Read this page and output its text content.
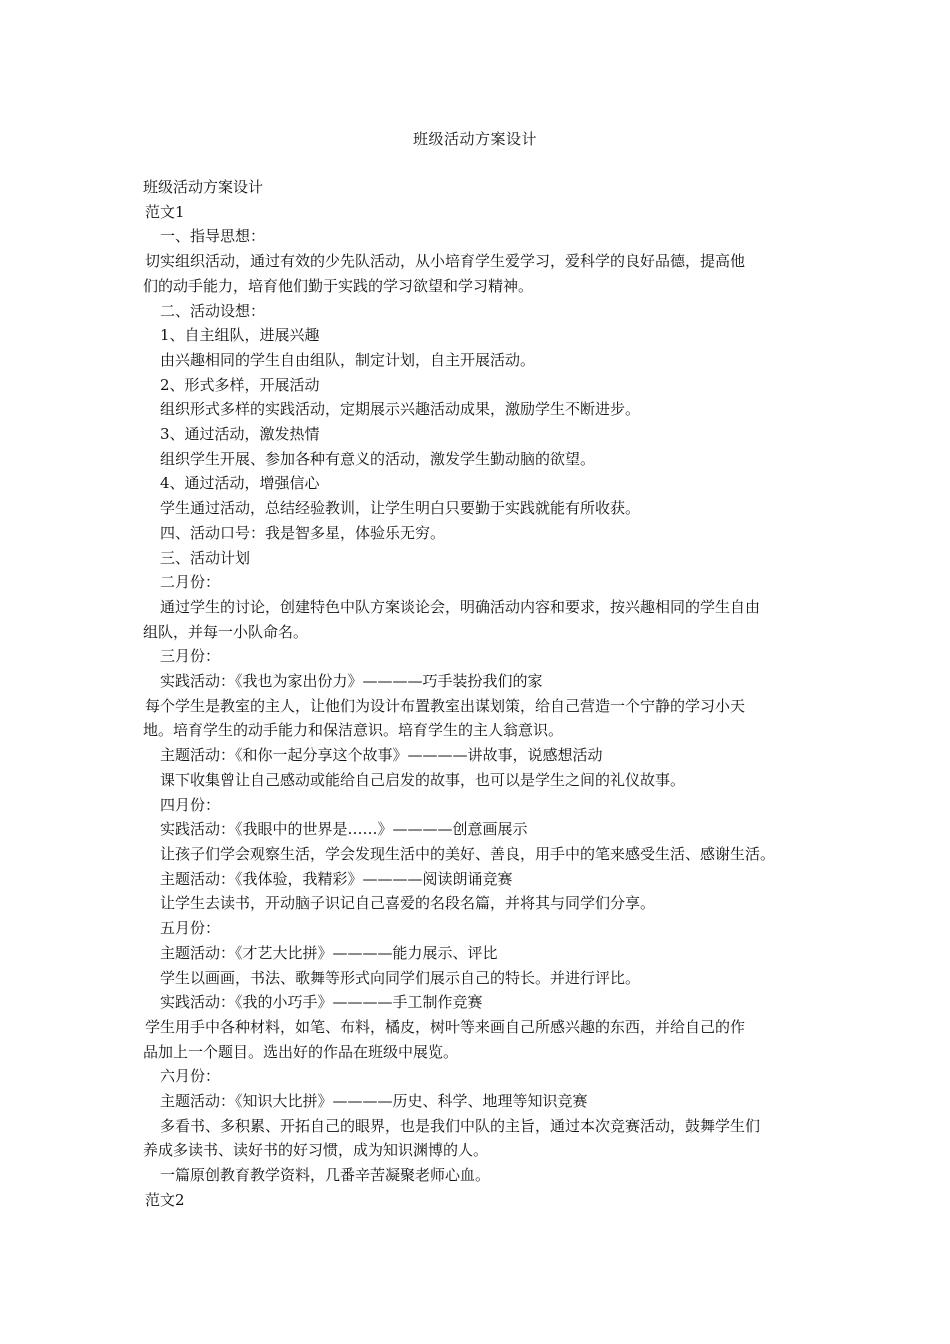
班级活动方案设计

班级活动方案设计

范文1

一、指导思想：

切实组织活动，通过有效的少先队活动，从小培育学生爱学习，爱科学的良好品德，提高他

们的动手能力，培育他们勤于实践的学习欲望和学习精神。

二、活动设想：

1、自主组队，进展兴趣

由兴趣相同的学生自由组队，制定计划，自主开展活动。

2、形式多样，开展活动

组织形式多样的实践活动，定期展示兴趣活动成果，激励学生不断进步。

3、通过活动，激发热情

组织学生开展、参加各种有意义的活动，激发学生勤动脑的欲望。

4、通过活动，增强信心

学生通过活动，总结经验教训，让学生明白只要勤于实践就能有所收获。

四、活动口号：我是智多星，体验乐无穷。

三、活动计划

二月份：

通过学生的讨论，创建特色中队方案谈论会，明确活动内容和要求，按兴趣相同的学生自由

组队，并每一小队命名。

三月份：

实践活动：《我也为家出份力》————巧手装扮我们的家

每个学生是教室的主人，让他们为设计布置教室出谋划策，给自己营造一个宁静的学习小天

地。培育学生的动手能力和保洁意识。培育学生的主人翁意识。

主题活动：《和你一起分享这个故事》————讲故事，说感想活动

课下收集曾让自己感动或能给自己启发的故事，也可以是学生之间的礼仪故事。

四月份：

实践活动：《我眼中的世界是……》————创意画展示

让孩子们学会观察生活，学会发现生活中的美好、善良，用手中的笔来感受生活、感谢生活。

主题活动：《我体验，我精彩》————阅读朗诵竞赛

让学生去读书，开动脑子识记自己喜爱的名段名篇，并将其与同学们分享。

五月份：

主题活动：《才艺大比拼》————能力展示、评比

学生以画画，书法、歌舞等形式向同学们展示自己的特长。并进行评比。

实践活动：《我的小巧手》————手工制作竞赛

学生用手中各种材料，如笔、布料，橘皮，树叶等来画自己所感兴趣的东西，并给自己的作

品加上一个题目。选出好的作品在班级中展览。

六月份：

主题活动：《知识大比拼》————历史、科学、地理等知识竞赛

多看书、多积累、开拓自己的眼界，也是我们中队的主旨，通过本次竞赛活动，鼓舞学生们

养成多读书、读好书的好习惯，成为知识渊博的人。

一篇原创教育教学资料，几番辛苦凝聚老师心血。

范文2
